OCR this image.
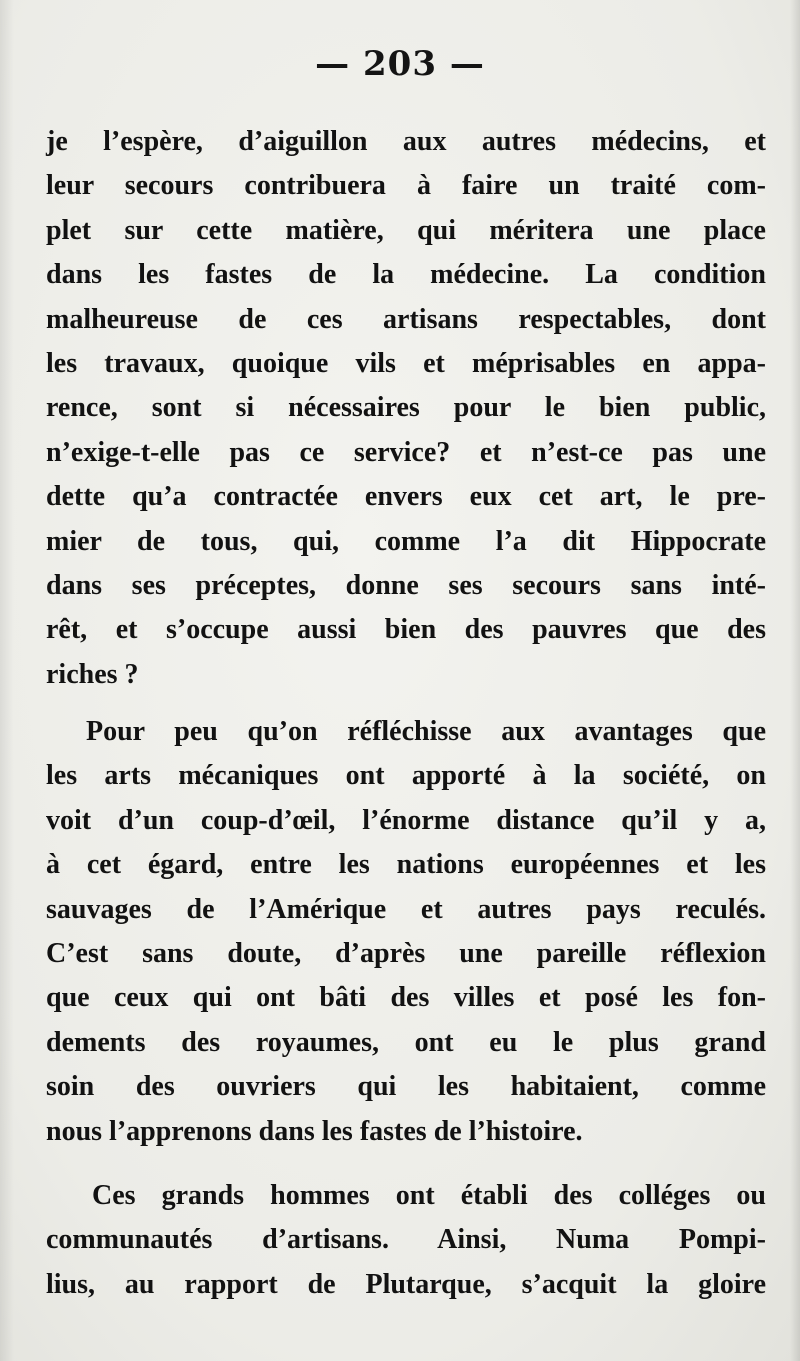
— 203 —
je l’espère, d’aiguillon aux autres médecins, et
leur secours contribuera à faire un traité com-
plet sur cette matière, qui méritera une place
dans les fastes de la médecine. La condition
malheureuse de ces artisans respectables, dont
les travaux, quoique vils et méprisables en appa-
rence, sont si nécessaires pour le bien public,
n’exige-t-elle pas ce service? et n’est-ce pas une
dette qu’a contractée envers eux cet art, le pre-
mier de tous, qui, comme l’a dit Hippocrate
dans ses préceptes, donne ses secours sans inté-
rêt, et s’occupe aussi bien des pauvres que des
riches ?
Pour peu qu’on réfléchisse aux avantages que
les arts mécaniques ont apporté à la société, on
voit d’un coup-d’œil, l’énorme distance qu’il y a,
à cet égard, entre les nations européennes et les
sauvages de l’Amérique et autres pays reculés.
C’est sans doute, d’après une pareille réflexion
que ceux qui ont bâti des villes et posé les fon-
dements des royaumes, ont eu le plus grand
soin des ouvriers qui les habitaient, comme
nous l’apprenons dans les fastes de l’histoire.
Ces grands hommes ont établi des colléges ou
communautés d’artisans. Ainsi, Numa Pompi-
lius, au rapport de Plutarque, s’acquit la gloire
